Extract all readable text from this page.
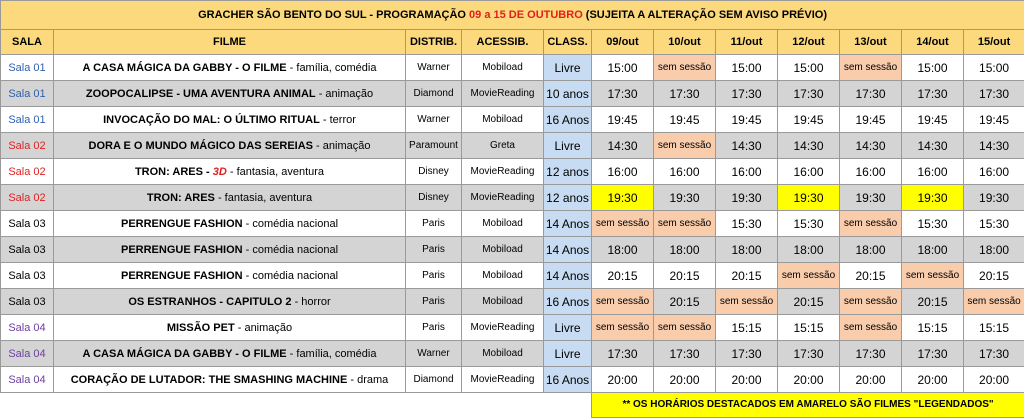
GRACHER SÃO BENTO DO SUL - PROGRAMAÇÃO 09 a 15 DE OUTUBRO (SUJEITA A ALTERAÇÃO SEM AVISO PRÉVIO)											
SALA	FILME	DISTRIB.	ACESSIB.	CLASS.	09/out	10/out	11/out	12/out	13/out	14/out	15/out
Sala 01	A CASA MÁGICA DA GABBY - O FILME - família, comédia	Warner	Mobiload	Livre	15:00	sem sessão	15:00	15:00	sem sessão	15:00	15:00
Sala 01	ZOOPOCALIPSE - UMA AVENTURA ANIMAL - animação	Diamond	MovieReading	10 anos	17:30	17:30	17:30	17:30	17:30	17:30	17:30
Sala 01	INVOCAÇÃO DO MAL: O ÚLTIMO RITUAL - terror	Warner	Mobiload	16 Anos	19:45	19:45	19:45	19:45	19:45	19:45	19:45
Sala 02	DORA E O MUNDO MÁGICO DAS SEREIAS - animação	Paramount	Greta	Livre	14:30	sem sessão	14:30	14:30	14:30	14:30	14:30
Sala 02	TRON: ARES - 3D - fantasia, aventura	Disney	MovieReading	12 anos	16:00	16:00	16:00	16:00	16:00	16:00	16:00
Sala 02	TRON: ARES - fantasia, aventura	Disney	MovieReading	12 anos	19:30	19:30	19:30	19:30	19:30	19:30	19:30
Sala 03	PERRENGUE FASHION - comédia nacional	Paris	Mobiload	14 Anos	sem sessão	sem sessão	15:30	15:30	sem sessão	15:30	15:30
Sala 03	PERRENGUE FASHION - comédia nacional	Paris	Mobiload	14 Anos	18:00	18:00	18:00	18:00	18:00	18:00	18:00
Sala 03	PERRENGUE FASHION - comédia nacional	Paris	Mobiload	14 Anos	20:15	20:15	20:15	sem sessão	20:15	sem sessão	20:15
Sala 03	OS ESTRANHOS - CAPITULO 2 - horror	Paris	Mobiload	16 Anos	sem sessão	20:15	sem sessão	20:15	sem sessão	20:15	sem sessão
Sala 04	MISSÃO PET - animação	Paris	MovieReading	Livre	sem sessão	sem sessão	15:15	15:15	sem sessão	15:15	15:15
Sala 04	A CASA MÁGICA DA GABBY - O FILME - família, comédia	Warner	Mobiload	Livre	17:30	17:30	17:30	17:30	17:30	17:30	17:30
Sala 04	CORAÇÃO DE LUTADOR: THE SMASHING MACHINE - drama	Diamond	MovieReading	16 Anos	20:00	20:00	20:00	20:00	20:00	20:00	20:00
					** OS HORÁRIOS DESTACADOS EM AMARELO SÃO FILMES "LEGENDADOS"						
